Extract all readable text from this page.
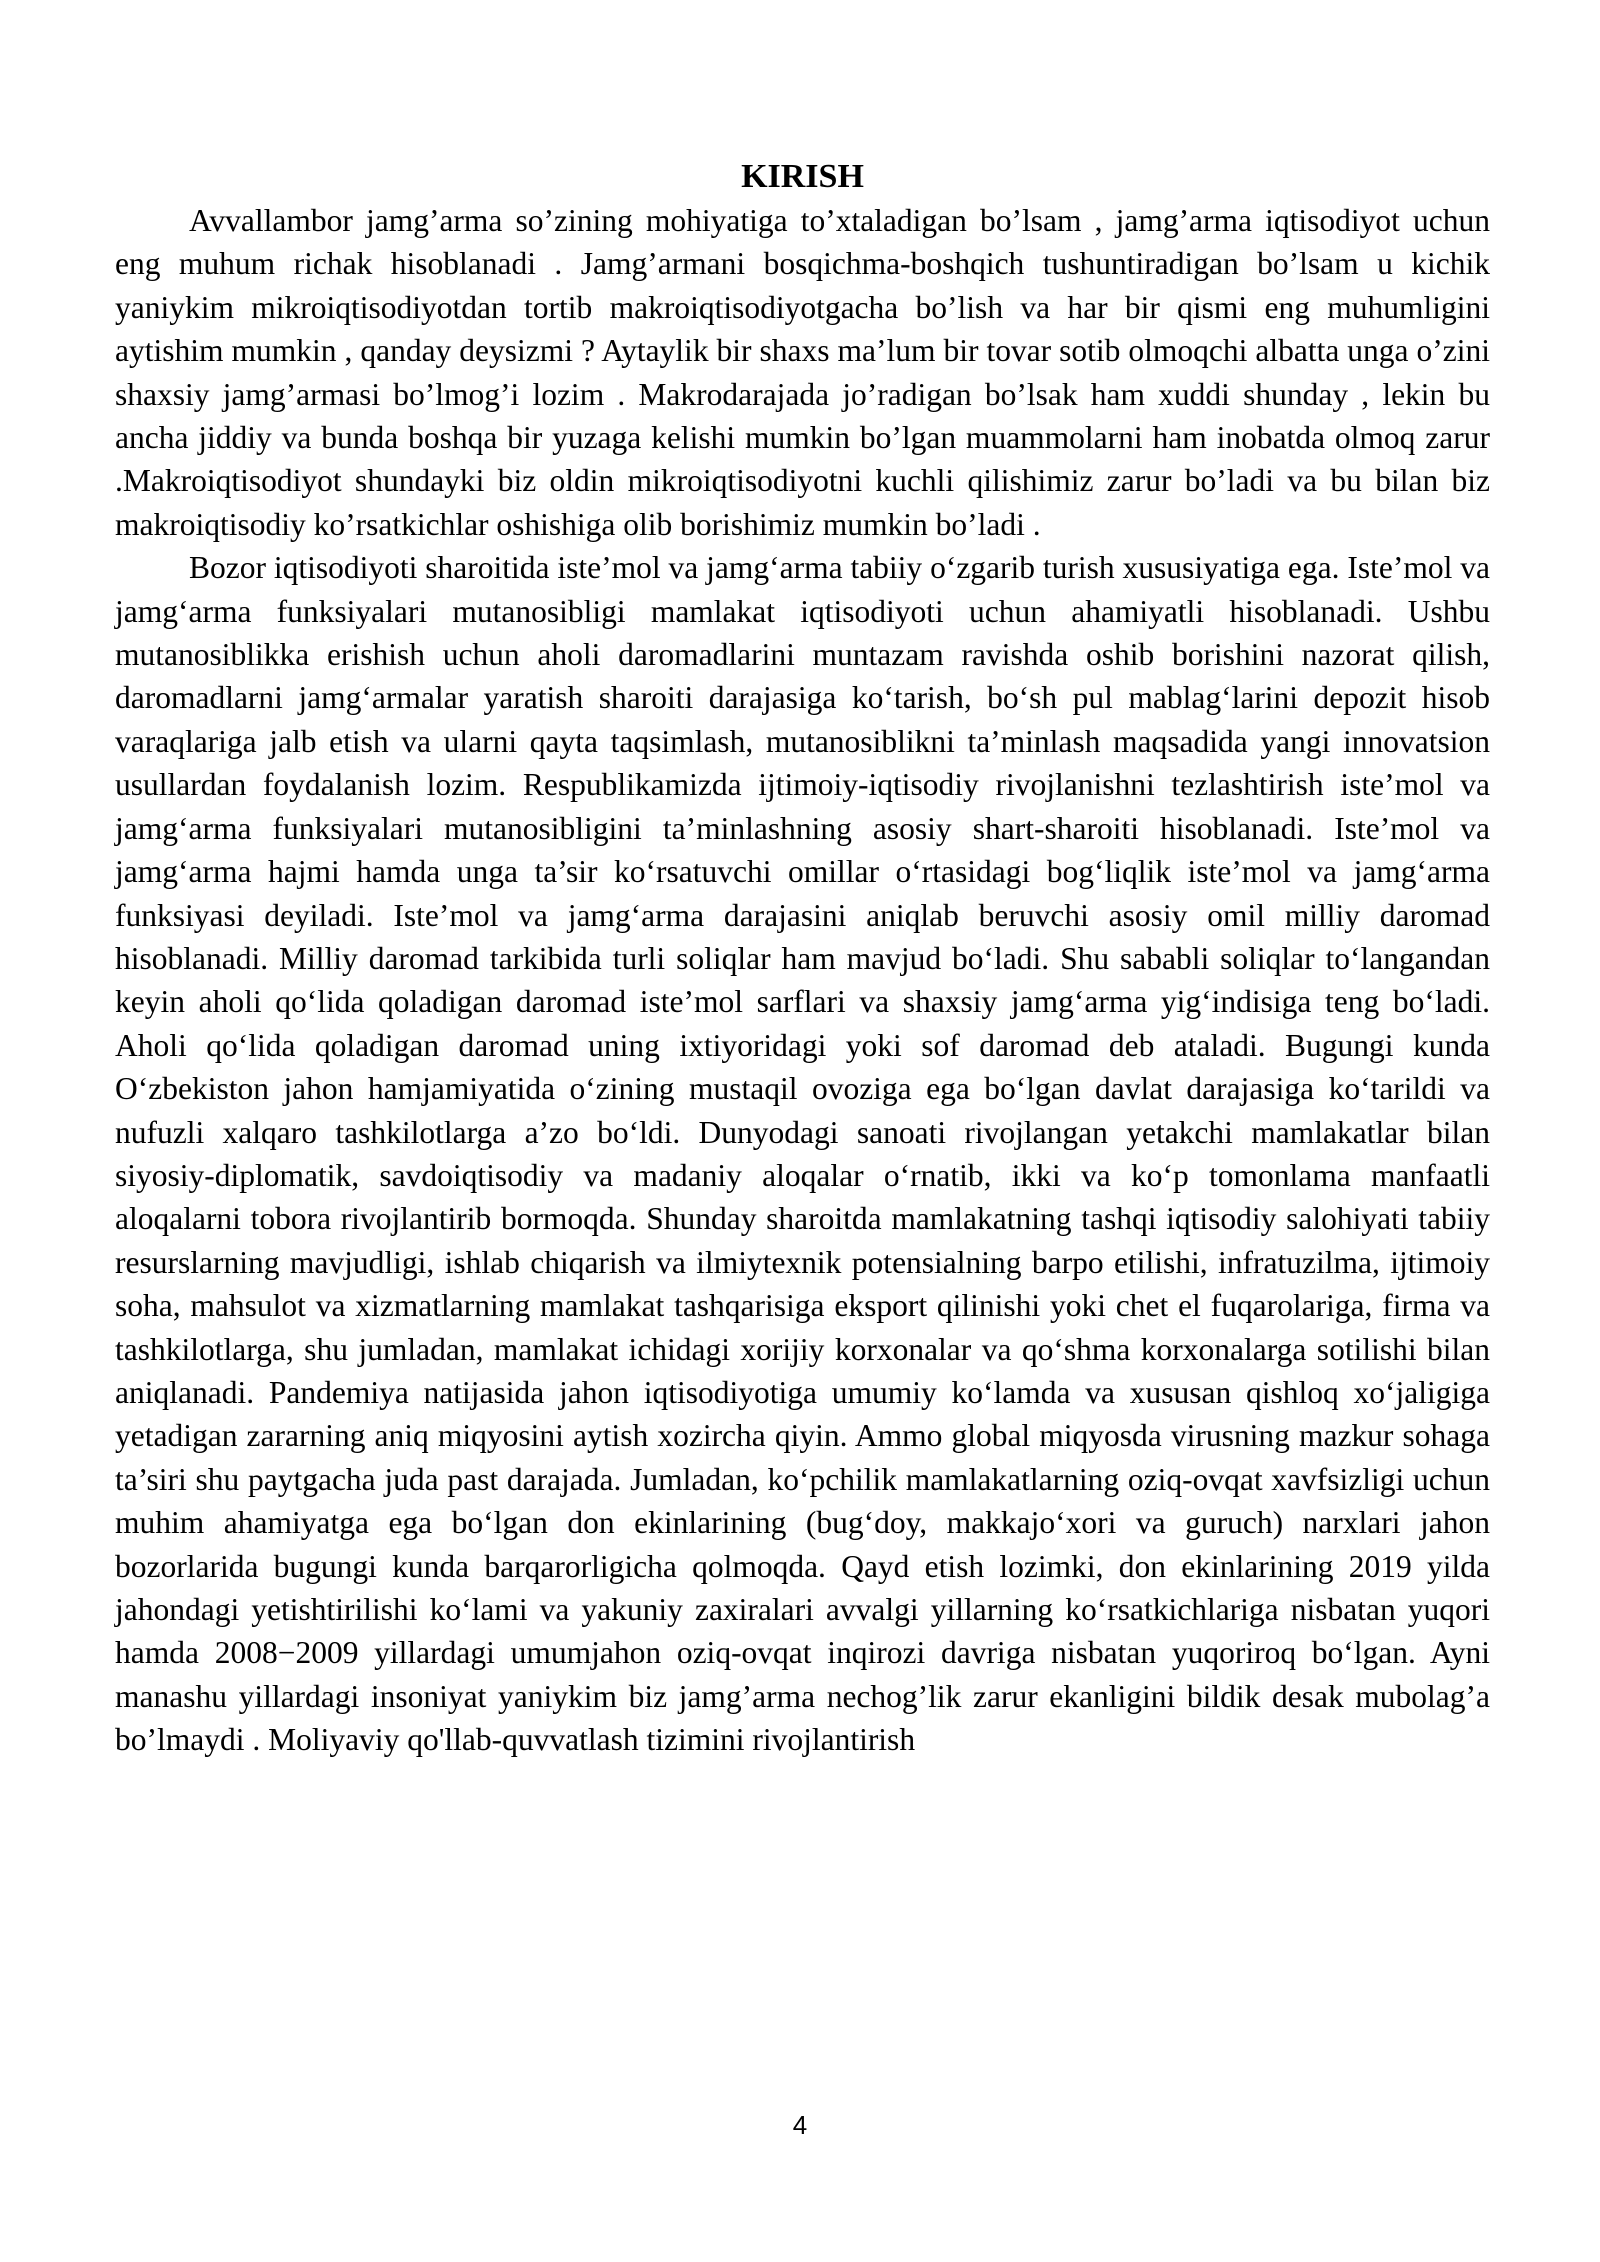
KIRISH

Avvallambor jamg’arma so’zining mohiyatiga to’xtaladigan bo’lsam , jamg’arma iqtisodiyot uchun eng muhum richak hisoblanadi . Jamg’armani bosqichma-boshqich tushuntiradigan bo’lsam u kichik yaniykim mikroiqtisodiyotdan tortib makroiqtisodiyotgacha bo’lish va har bir qismi eng muhumligini aytishim mumkin , qanday deysizmi ? Aytaylik bir shaxs ma’lum bir tovar sotib olmoqchi albatta unga o’zini shaxsiy jamg’armasi bo’lmog’i lozim . Makrodarajada jo’radigan bo’lsak ham xuddi shunday , lekin bu ancha jiddiy va bunda boshqa bir yuzaga kelishi mumkin bo’lgan muammolarni ham inobatda olmoq zarur .Makroiqtisodiyot shundayki biz oldin mikroiqtisodiyotni kuchli qilishimiz zarur bo’ladi va bu bilan biz makroiqtisodiy ko’rsatkichlar oshishiga olib borishimiz mumkin bo’ladi .

Bozor iqtisodiyoti sharoitida iste’mol va jamg‘arma tabiiy o‘zgarib turish xususiyatiga ega. Iste’mol va jamg‘arma funksiyalari mutanosibligi mamlakat iqtisodiyoti uchun ahamiyatli hisoblanadi. Ushbu mutanosiblikka erishish uchun aholi daromadlarini muntazam ravishda oshib borishini nazorat qilish, daromadlarni jamg‘armalar yaratish sharoiti darajasiga ko‘tarish, bo‘sh pul mablag‘larini depozit hisob varaqlariga jalb etish va ularni qayta taqsimlash, mutanosiblikni ta’minlash maqsadida yangi innovatsion usullardan foydalanish lozim. Respublikamizda ijtimoiy-iqtisodiy rivojlanishni tezlashtirish iste’mol va jamg‘arma funksiyalari mutanosibligini ta’minlashning asosiy shart-sharoiti hisoblanadi. Iste’mol va jamg‘arma hajmi hamda unga ta’sir ko‘rsatuvchi omillar o‘rtasidagi bog‘liqlik iste’mol va jamg‘arma funksiyasi deyiladi. Iste’mol va jamg‘arma darajasini aniqlab beruvchi asosiy omil milliy daromad hisoblanadi. Milliy daromad tarkibida turli soliqlar ham mavjud bo‘ladi. Shu sababli soliqlar to‘langandan keyin aholi qo‘lida qoladigan daromad iste’mol sarflari va shaxsiy jamg‘arma yig‘indisiga teng bo‘ladi. Aholi qo‘lida qoladigan daromad uning ixtiyoridagi yoki sof daromad deb ataladi. Bugungi kunda O‘zbekiston jahon hamjamiyatida o‘zining mustaqil ovoziga ega bo‘lgan davlat darajasiga ko‘tarildi va nufuzli xalqaro tashkilotlarga a’zo bo‘ldi. Dunyodagi sanoati rivojlangan yetakchi mamlakatlar bilan siyosiy-diplomatik, savdoiqtisodiy va madaniy aloqalar o‘rnatib, ikki va ko‘p tomonlama manfaatli aloqalarni tobora rivojlantirib bormoqda. Shunday sharoitda mamlakatning tashqi iqtisodiy salohiyati tabiiy resurslarning mavjudligi, ishlab chiqarish va ilmiytexnik potensialning barpo etilishi, infratuzilma, ijtimoiy soha, mahsulot va xizmatlarning mamlakat tashqarisiga eksport qilinishi yoki chet el fuqarolariga, firma va tashkilotlarga, shu jumladan, mamlakat ichidagi xorijiy korxonalar va qo‘shma korxonalarga sotilishi bilan aniqlanadi. Pandemiya natijasida jahon iqtisodiyotiga umumiy ko‘lamda va xususan qishloq xo‘jaligiga yetadigan zararning aniq miqyosini aytish xozircha qiyin. Ammo global miqyosda virusning mazkur sohaga ta’siri shu paytgacha juda past darajada. Jumladan, ko‘pchilik mamlakatlarning oziq-ovqat xavfsizligi uchun muhim ahamiyatga ega bo‘lgan don ekinlarining (bug‘doy, makkajo‘xori va guruch) narxlari jahon bozorlarida bugungi kunda barqarorligicha qolmoqda. Qayd etish lozimki, don ekinlarining 2019 yilda jahondagi yetishtirilishi ko‘lami va yakuniy zaxiralari avvalgi yillarning ko‘rsatkichlariga nisbatan yuqori hamda 2008−2009 yillardagi umumjahon oziq-ovqat inqirozi davriga nisbatan yuqoriroq bo‘lgan. Ayni manashu yillardagi insoniyat yaniykim biz jamg’arma nechog’lik zarur ekanligini bildik desak mubolag’a bo’lmaydi . Moliyaviy qo'llab-quvvatlash tizimini rivojlantirish

4
